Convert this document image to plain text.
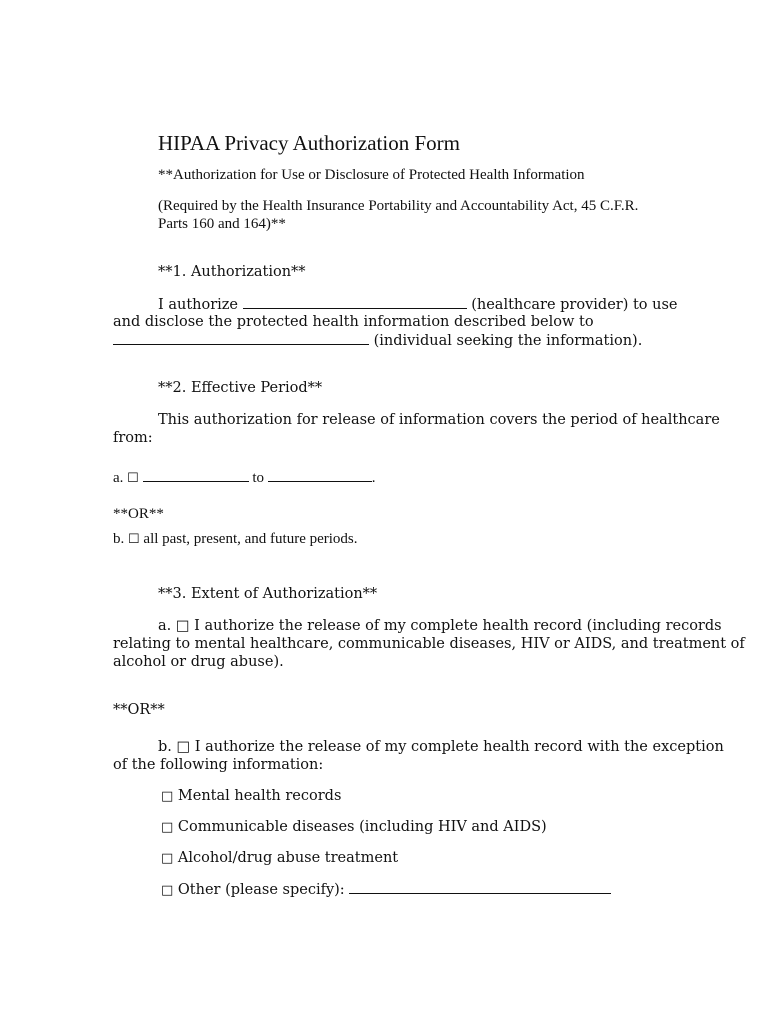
HIPAA Privacy Authorization Form
**Authorization for Use or Disclosure of Protected Health Information
(Required by the Health Insurance Portability and Accountability Act, 45 C.F.R.
Parts 160 and 164)**
**1. Authorization**
I authorize	(healthcare provider) to use
and disclose the protected health information described below to
(individual seeking the information).
**2. Effective Period**
This authorization for release of information covers the period of healthcare
from:
a. ☐	to	.
**OR**
b. ☐ all past, present, and future periods.
**3. Extent of Authorization**
a. □ I authorize the release of my complete health record (including records
relating to mental healthcare, communicable diseases, HIV or AIDS, and treatment of
alcohol or drug abuse).
**OR**
b. □ I authorize the release of my complete health record with the exception
of the following information:
□ Mental health records
□ Communicable diseases (including HIV and AIDS)
□ Alcohol/drug abuse treatment
□ Other (please specify):
